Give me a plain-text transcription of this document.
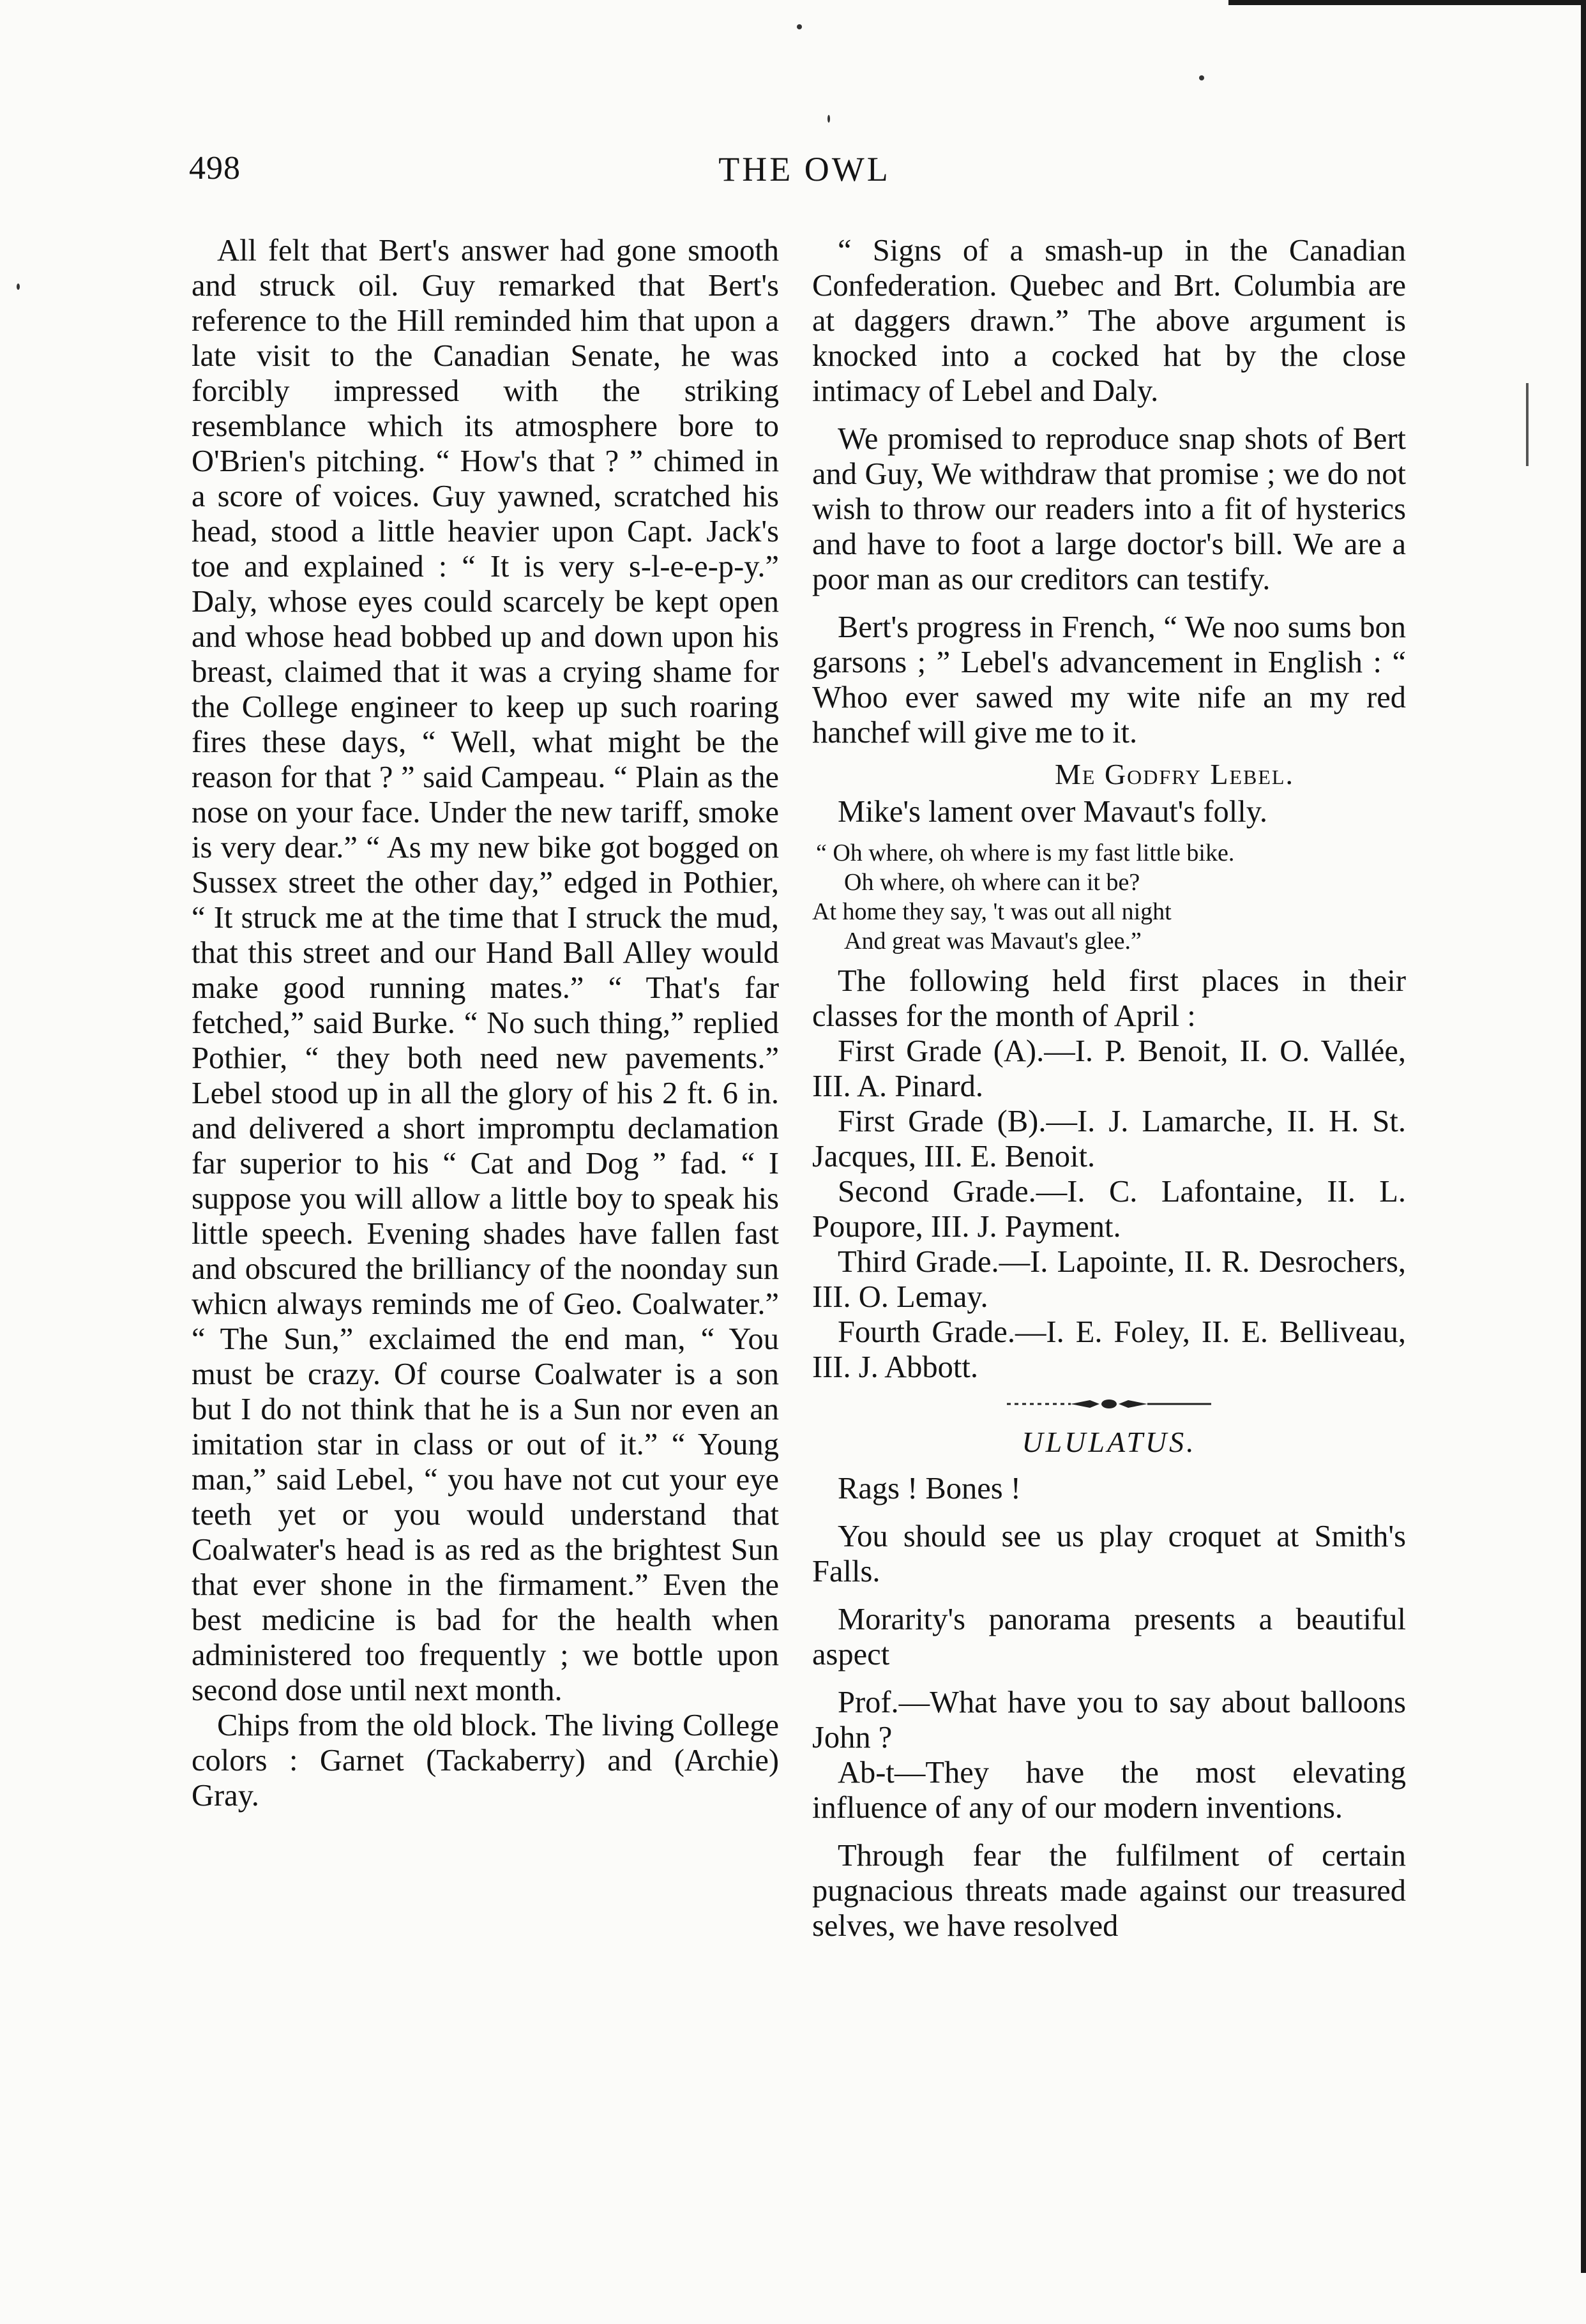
498	THE OWL

All felt that Bert's answer had gone smooth and struck oil. Guy remarked that Bert's reference to the Hill reminded him that upon a late visit to the Canadian Senate, he was forcibly impressed with the striking resemblance which its atmosphere bore to O'Brien's pitching. “ How's that ? ” chimed in a score of voices. Guy yawned, scratched his head, stood a little heavier upon Capt. Jack's toe and explained : “ It is very s-l-e-e-p-y.” Daly, whose eyes could scarcely be kept open and whose head bobbed up and down upon his breast, claimed that it was a crying shame for the College engineer to keep up such roaring fires these days, “ Well, what might be the reason for that ? ” said Campeau. “ Plain as the nose on your face. Under the new tariff, smoke is very dear.” “ As my new bike got bogged on Sussex street the other day,” edged in Pothier, “ It struck me at the time that I struck the mud, that this street and our Hand Ball Alley would make good running mates.” “ That's far fetched,” said Burke. “ No such thing,” replied Pothier, “ they both need new pavements.” Lebel stood up in all the glory of his 2 ft. 6 in. and delivered a short impromptu declamation far superior to his “ Cat and Dog ” fad. “ I suppose you will allow a little boy to speak his little speech. Evening shades have fallen fast and obscured the brilliancy of the noonday sun whicn always reminds me of Geo. Coalwater.” “ The Sun,” exclaimed the end man, “ You must be crazy. Of course Coalwater is a son but I do not think that he is a Sun nor even an imitation star in class or out of it.” “ Young man,” said Lebel, “ you have not cut your eye teeth yet or you would understand that Coalwater's head is as red as the brightest Sun that ever shone in the firmament.” Even the best medicine is bad for the health when administered too frequently ; we bottle upon second dose until next month.

Chips from the old block. The living College colors : Garnet (Tackaberry) and (Archie) Gray.

“ Signs of a smash-up in the Canadian Confederation. Quebec and Brt. Columbia are at daggers drawn.” The above argument is knocked into a cocked hat by the close intimacy of Lebel and Daly.

We promised to reproduce snap shots of Bert and Guy, We withdraw that promise ; we do not wish to throw our readers into a fit of hysterics and have to foot a large doctor's bill. We are a poor man as our creditors can testify.

Bert's progress in French, “ We noo sums bon garsons ; ” Lebel's advancement in English : “ Whoo ever sawed my wite nife an my red hanchef will give me to it.

Me Godfry Lebel.

Mike's lament over Mavaut's folly.

“ Oh where, oh where is my fast little bike.
Oh where, oh where can it be?
At home they say, 't was out all night
And great was Mavaut's glee.”

The following held first places in their classes for the month of April :

First Grade (A).—I. P. Benoit, II. O. Vallée, III. A. Pinard.

First Grade (B).—I. J. Lamarche, II. H. St. Jacques, III. E. Benoit.

Second Grade.—I. C. Lafontaine, II. L. Poupore, III. J. Payment.

Third Grade.—I. Lapointe, II. R. Desrochers, III. O. Lemay.

Fourth Grade.—I. E. Foley, II. E. Belliveau, III. J. Abbott.

ULULATUS.

Rags ! Bones !

You should see us play croquet at Smith's Falls.

Morarity's panorama presents a beautiful aspect

Prof.—What have you to say about balloons John ?

Ab-t—They have the most elevating influence of any of our modern inventions.

Through fear the fulfilment of certain pugnacious threats made against our treasured selves, we have resolved
